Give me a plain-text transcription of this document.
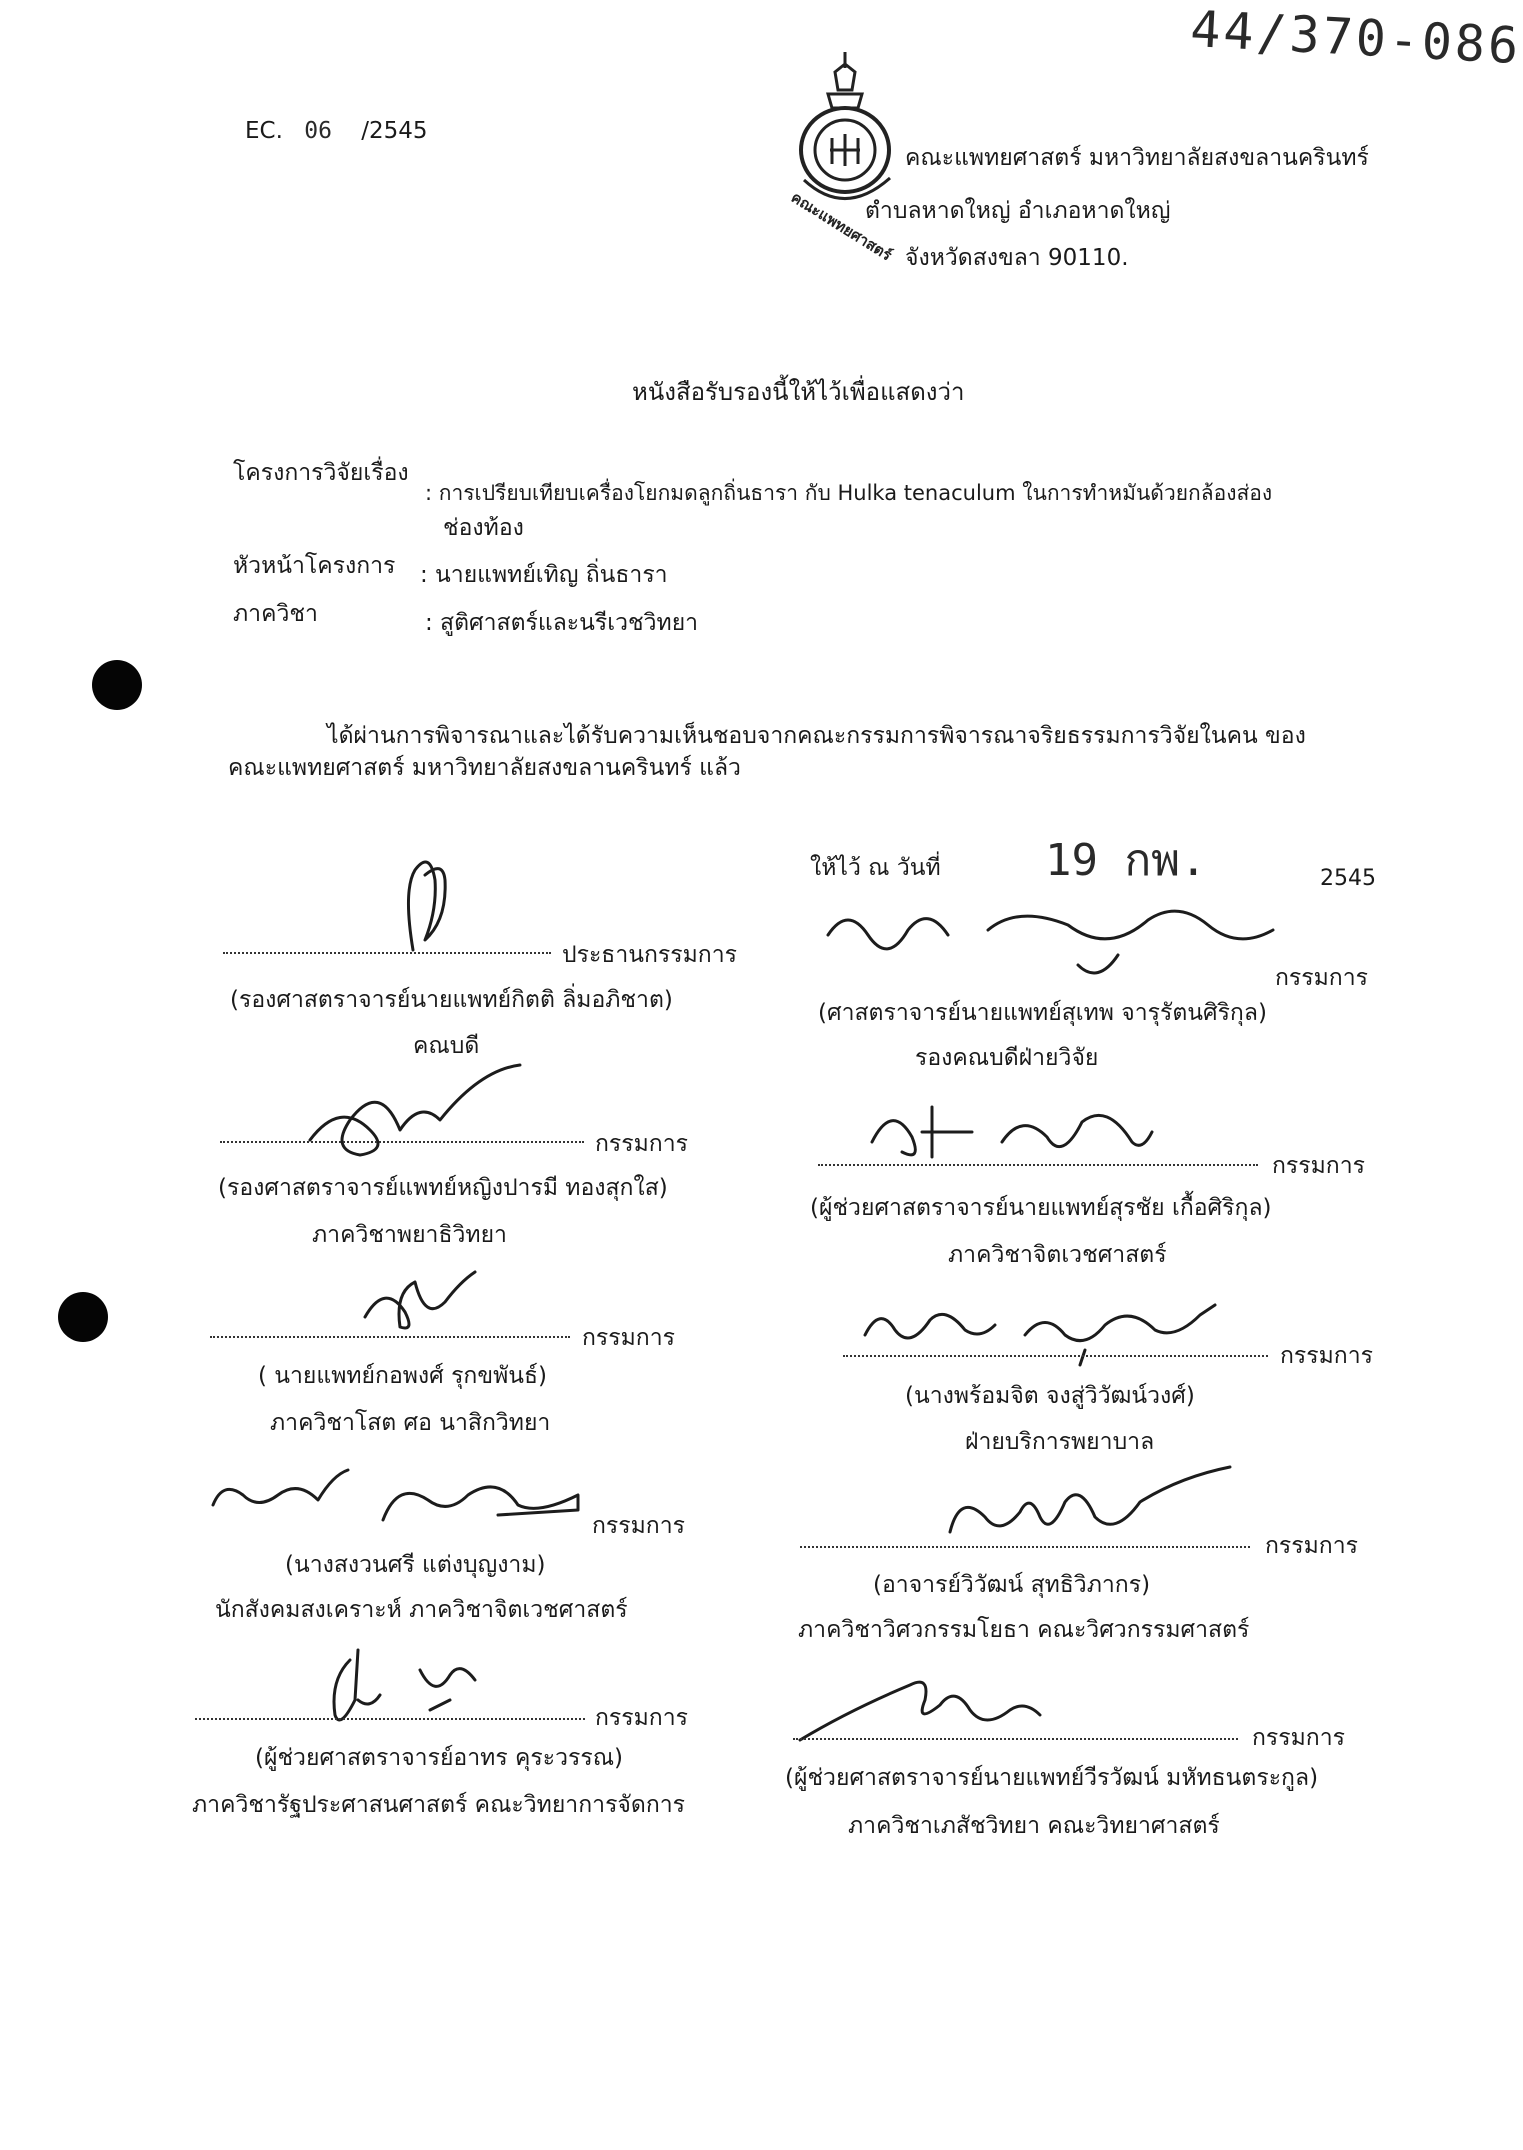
44/370-086
EC. 06 /2545
คณะแพทยศาสตร์
คณะแพทยศาสตร์ มหาวิทยาลัยสงขลานครินทร์
ตำบลหาดใหญ่ อำเภอหาดใหญ่
จังหวัดสงขลา 90110.
หนังสือรับรองนี้ให้ไว้เพื่อแสดงว่า
โครงการวิจัยเรื่อง
: การเปรียบเทียบเครื่องโยกมดลูกถิ่นธารา กับ Hulka tenaculum ในการทำหมันด้วยกล้องส่อง
ช่องท้อง
หัวหน้าโครงการ : นายแพทย์เทิญ ถิ่นธารา
ภาควิชา	: สูติศาสตร์และนรีเวชวิทยา
ได้ผ่านการพิจารณาและได้รับความเห็นชอบจากคณะกรรมการพิจารณาจริยธรรมการวิจัยในคน ของ
คณะแพทยศาสตร์ มหาวิทยาลัยสงขลานครินทร์ แล้ว
ให้ไว้ ณ วันที่ 19 กพ.	2545
ประธานกรรมการ
(รองศาสตราจารย์นายแพทย์กิตติ ลิ่มอภิชาต)
คณบดี
กรรมการ
(ศาสตราจารย์นายแพทย์สุเทพ จารุรัตนศิริกุล)
รองคณบดีฝ่ายวิจัย
กรรมการ
(รองศาสตราจารย์แพทย์หญิงปารมี ทองสุกใส)
ภาควิชาพยาธิวิทยา
กรรมการ
(ผู้ช่วยศาสตราจารย์นายแพทย์สุรชัย เกื้อศิริกุล)
ภาควิชาจิตเวชศาสตร์
กรรมการ
( นายแพทย์กอพงศ์ รุกขพันธ์)
ภาควิชาโสต ศอ นาสิกวิทยา
กรรมการ
(นางพร้อมจิต จงสู่วิวัฒน์วงศ์)
ฝ่ายบริการพยาบาล
กรรมการ
(นางสงวนศรี แต่งบุญงาม)
นักสังคมสงเคราะห์ ภาควิชาจิตเวชศาสตร์
กรรมการ
(อาจารย์วิวัฒน์ สุทธิวิภากร)
ภาควิชาวิศวกรรมโยธา คณะวิศวกรรมศาสตร์
กรรมการ
(ผู้ช่วยศาสตราจารย์อาทร คุระวรรณ)
ภาควิชารัฐประศาสนศาสตร์ คณะวิทยาการจัดการ
กรรมการ
(ผู้ช่วยศาสตราจารย์นายแพทย์วีรวัฒน์ มหัทธนตระกูล)
ภาควิชาเภสัชวิทยา คณะวิทยาศาสตร์
